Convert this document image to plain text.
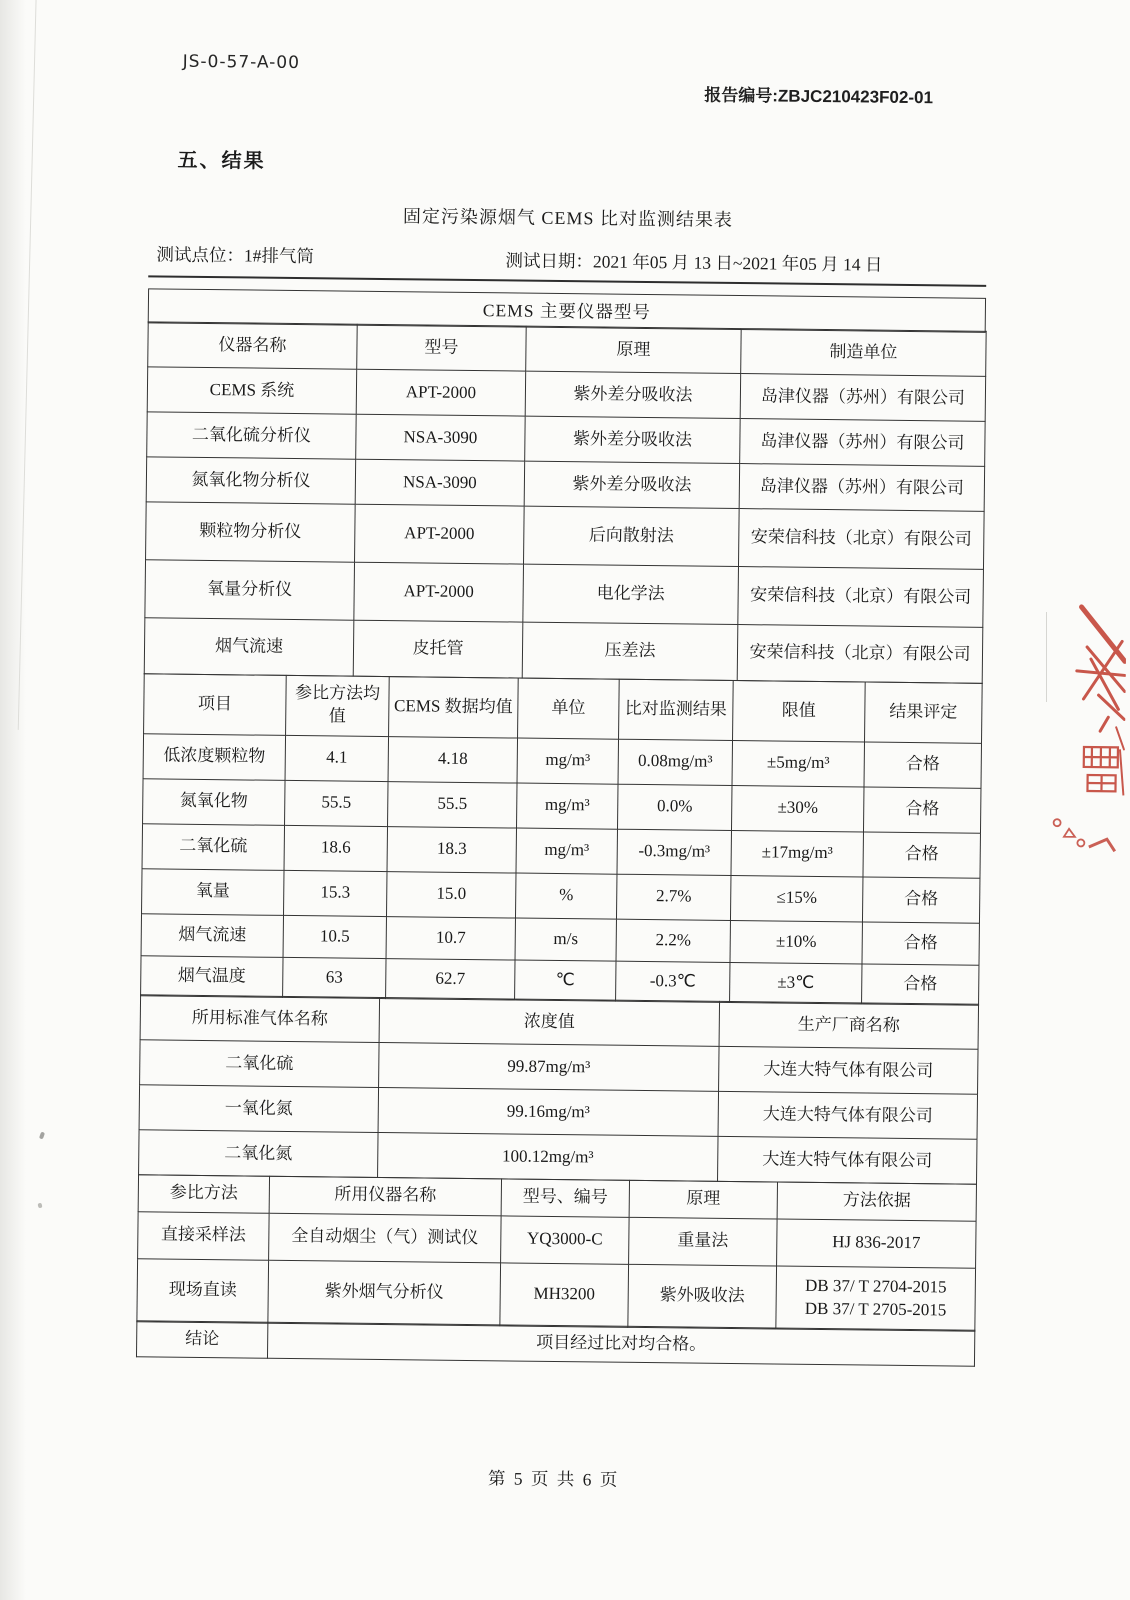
JS-0-57-A-00
报告编号:ZBJC210423F02-01
五、结果
固定污染源烟气 CEMS 比对监测结果表
测试点位：1#排气筒	测试日期：2021 年05 月 13 日~2021 年05 月 14 日
CEMS 主要仪器型号
仪器名称	型号	原理	制造单位
CEMS 系统	APT-2000	紫外差分吸收法	岛津仪器（苏州）有限公司
二氧化硫分析仪	NSA-3090	紫外差分吸收法	岛津仪器（苏州）有限公司
氮氧化物分析仪	NSA-3090	紫外差分吸收法	岛津仪器（苏州）有限公司
颗粒物分析仪	APT-2000	后向散射法	安荣信科技（北京）有限公司
氧量分析仪	APT-2000	电化学法	安荣信科技（北京）有限公司
烟气流速	皮托管	压差法	安荣信科技（北京）有限公司
项目	参比方法均值	CEMS 数据均值	单位	比对监测结果	限值	结果评定
低浓度颗粒物	4.1	4.18	mg/m³	0.08mg/m³	±5mg/m³	合格
氮氧化物	55.5	55.5	mg/m³	0.0%	±30%	合格
二氧化硫	18.6	18.3	mg/m³	-0.3mg/m³	±17mg/m³	合格
氧量	15.3	15.0	%	2.7%	≤15%	合格
烟气流速	10.5	10.7	m/s	2.2%	±10%	合格
烟气温度	63	62.7	℃	-0.3℃	±3℃	合格
所用标准气体名称	浓度值	生产厂商名称
二氧化硫	99.87mg/m³	大连大特气体有限公司
一氧化氮	99.16mg/m³	大连大特气体有限公司
二氧化氮	100.12mg/m³	大连大特气体有限公司
参比方法	所用仪器名称	型号、编号	原理	方法依据
直接采样法	全自动烟尘（气）测试仪	YQ3000-C	重量法	HJ 836-2017
现场直读	紫外烟气分析仪	MH3200	紫外吸收法	DB 37/ T 2704-2015
DB 37/ T 2705-2015
结论	项目经过比对均合格。
第 5 页 共 6 页
